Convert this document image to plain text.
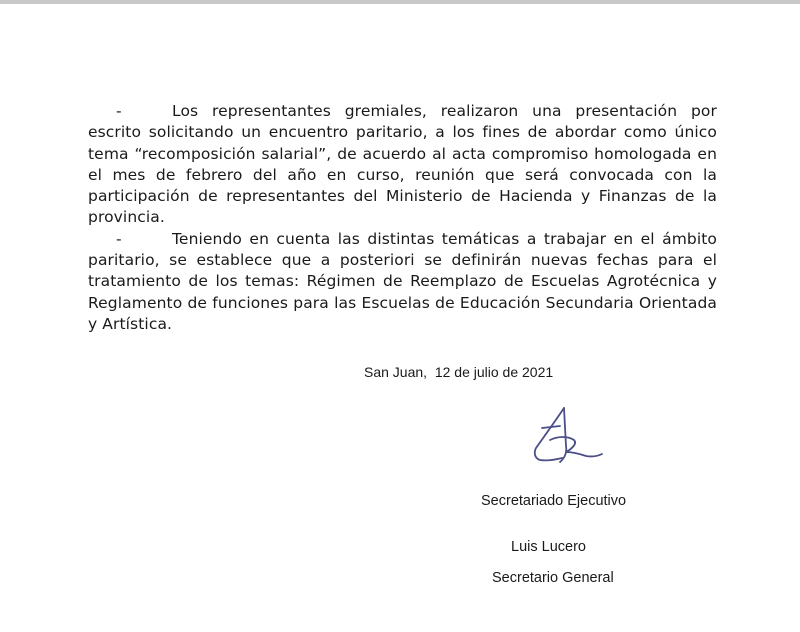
-	Los representantes gremiales, realizaron una presentación por escrito solicitando un encuentro paritario, a los fines de abordar como único tema “recomposición salarial”, de acuerdo al acta compromiso homologada en el mes de febrero del año en curso, reunión que será convocada con la participación de representantes del Ministerio de Hacienda y Finanzas de la provincia.

-	Teniendo en cuenta las distintas temáticas a trabajar en el ámbito paritario, se establece que a posteriori se definirán nuevas fechas para el tratamiento de los temas: Régimen de Reemplazo de Escuelas Agrotécnica y Reglamento de funciones para las Escuelas de Educación Secundaria Orientada y Artística.

San Juan,  12 de julio de 2021
Secretariado Ejecutivo
Luis Lucero
Secretario General
